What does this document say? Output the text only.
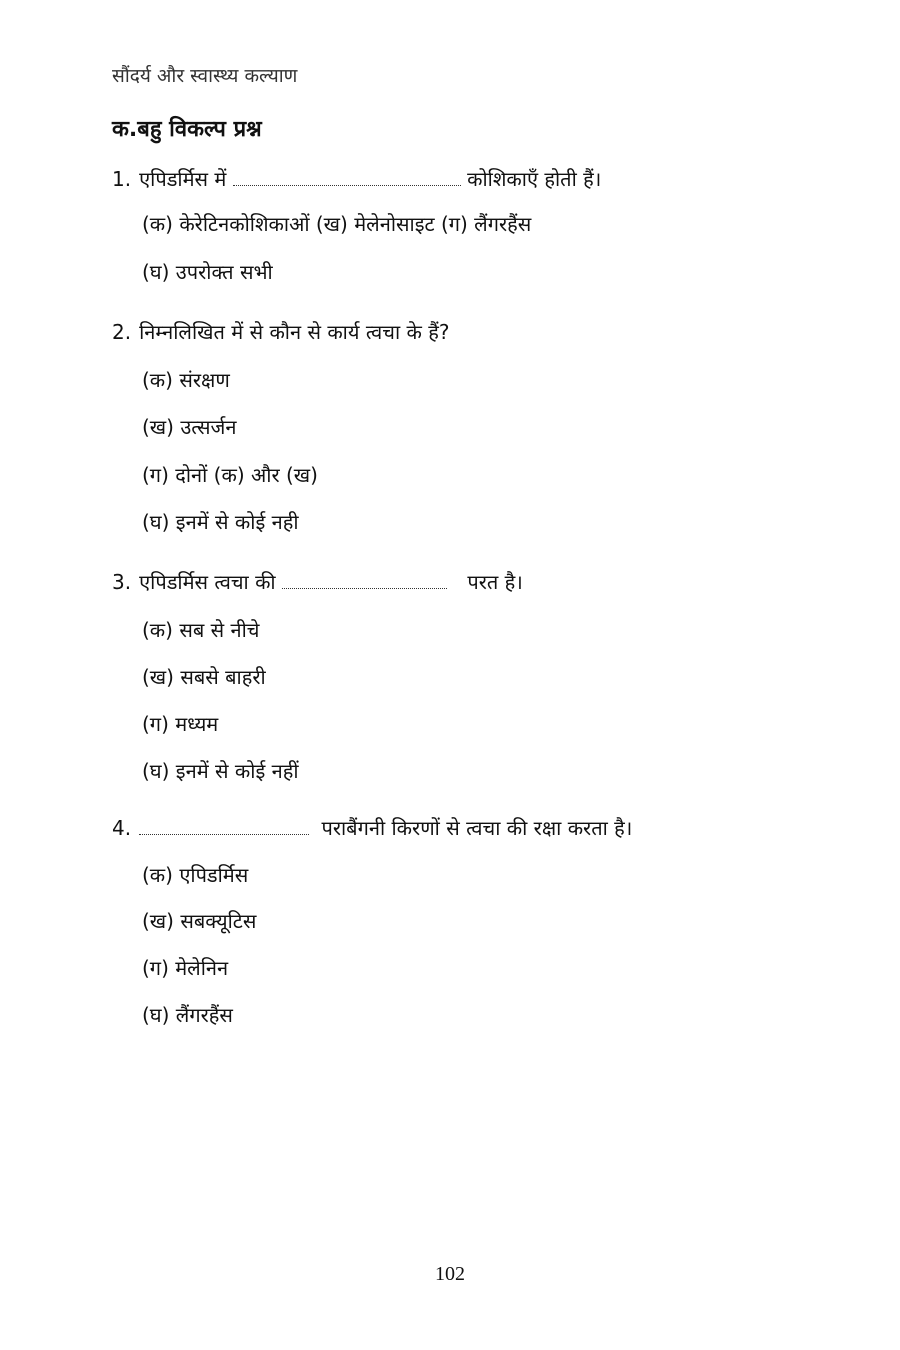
सौंदर्य और स्वास्थ्य कल्याण
क.बहु विकल्प प्रश्न
1. एपिडर्मिस में	कोशिकाएँ होती हैं।
(क) केरेटिनकोशिकाओं (ख) मेलेनोसाइट (ग) लैंगरहैंस
(घ) उपरोक्त सभी
2. निम्नलिखित में से कौन से कार्य त्वचा के हैं?
(क) संरक्षण
(ख) उत्सर्जन
(ग) दोनों (क) और (ख)
(घ) इनमें से कोई नही
3. एपिडर्मिस त्वचा की	परत है।
(क) सब से नीचे
(ख) सबसे बाहरी
(ग) मध्यम
(घ) इनमें से कोई नहीं
4.	पराबैंगनी किरणों से त्वचा की रक्षा करता है।
(क) एपिडर्मिस
(ख) सबक्यूटिस
(ग) मेलेनिन
(घ) लैंगरहैंस
102
